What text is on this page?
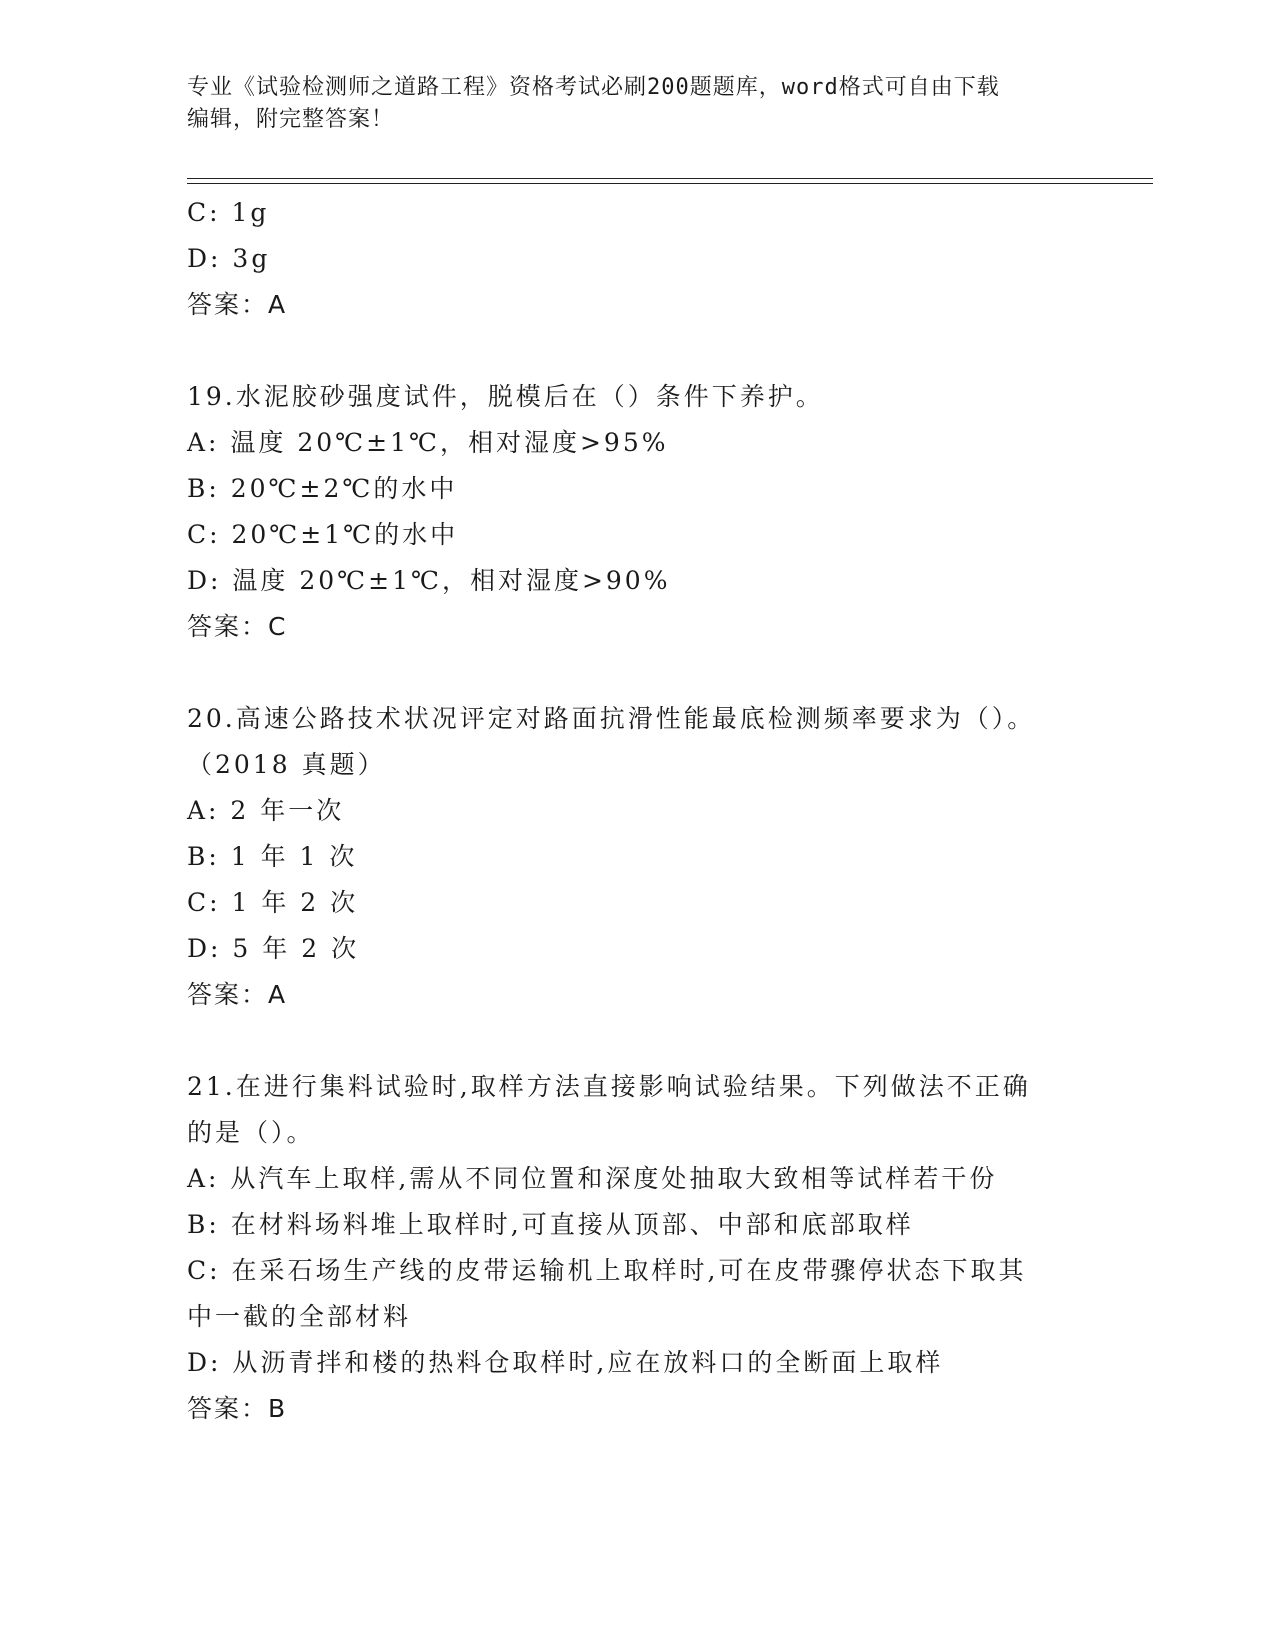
专业《试验检测师之道路工程》资格考试必刷200题题库，word格式可自由下载
编辑，附完整答案！
C: 1g
D: 3g
答案：A
19.水泥胶砂强度试件，脱模后在（）条件下养护。
A: 温度 20℃±1℃，相对湿度>95%
B: 20℃±2℃的水中
C: 20℃±1℃的水中
D: 温度 20℃±1℃，相对湿度>90%
答案：C
20.高速公路技术状况评定对路面抗滑性能最底检测频率要求为（）。
（2018 真题）
A: 2 年一次
B: 1 年 1 次
C: 1 年 2 次
D: 5 年 2 次
答案：A
21.在进行集料试验时,取样方法直接影响试验结果。下列做法不正确
的是（）。
A: 从汽车上取样,需从不同位置和深度处抽取大致相等试样若干份
B: 在材料场料堆上取样时,可直接从顶部、中部和底部取样
C: 在采石场生产线的皮带运输机上取样时,可在皮带骤停状态下取其
中一截的全部材料
D: 从沥青拌和楼的热料仓取样时,应在放料口的全断面上取样
答案：B
